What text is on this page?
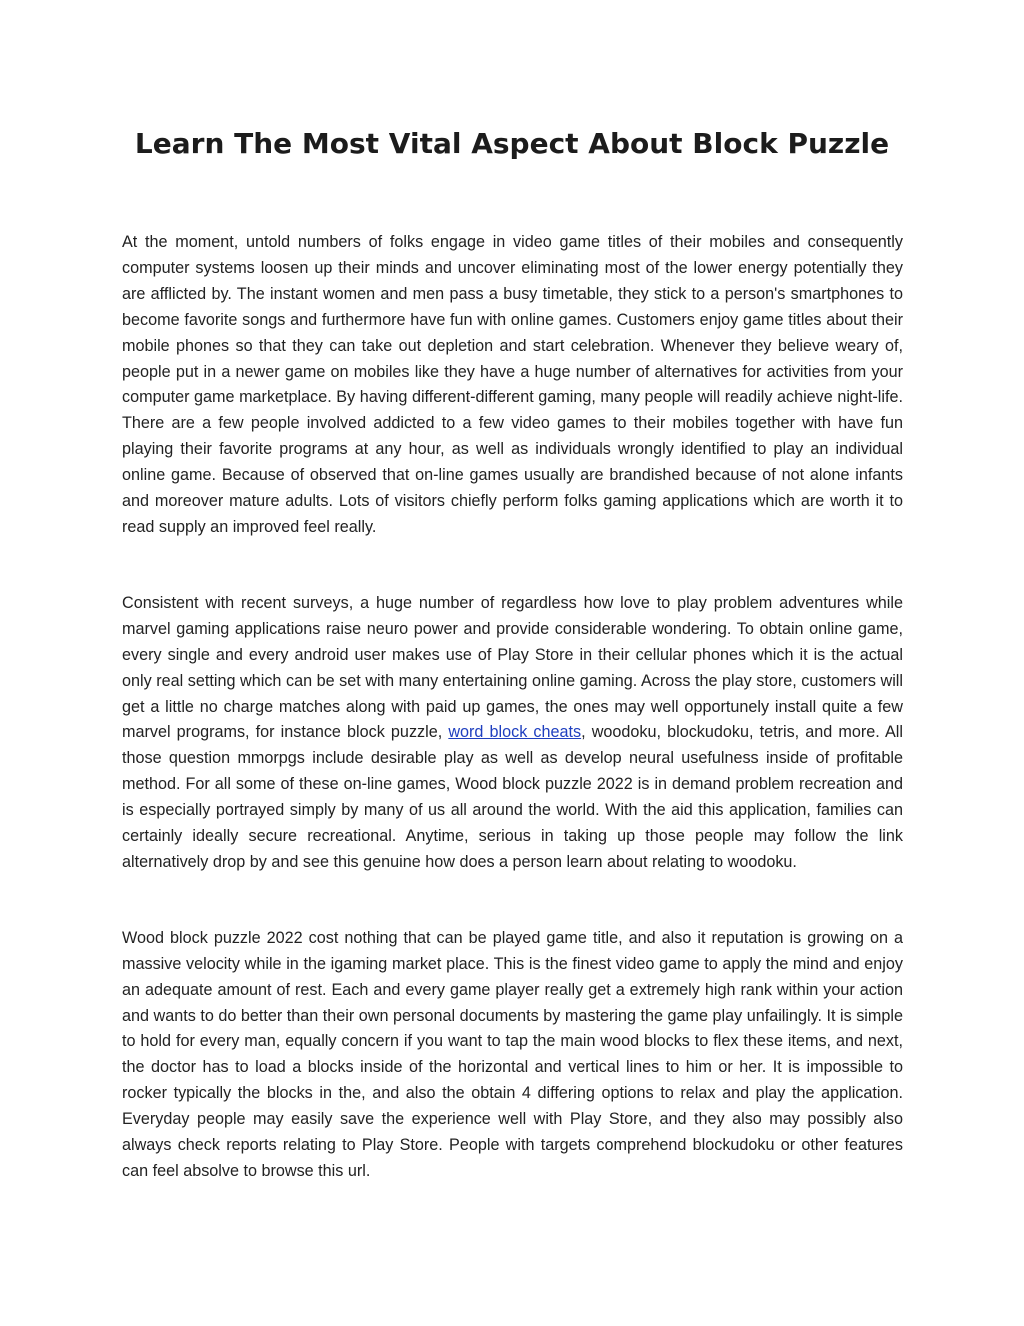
Learn The Most Vital Aspect About Block Puzzle

At the moment, untold numbers of folks engage in video game titles of their mobiles and consequently computer systems loosen up their minds and uncover eliminating most of the lower energy potentially they are afflicted by. The instant women and men pass a busy timetable, they stick to a person's smartphones to become favorite songs and furthermore have fun with online games. Customers enjoy game titles about their mobile phones so that they can take out depletion and start celebration. Whenever they believe weary of, people put in a newer game on mobiles like they have a huge number of alternatives for activities from your computer game marketplace. By having different-different gaming, many people will readily achieve night-life. There are a few people involved addicted to a few video games to their mobiles together with have fun playing their favorite programs at any hour, as well as individuals wrongly identified to play an individual online game. Because of observed that on-line games usually are brandished because of not alone infants and moreover mature adults. Lots of visitors chiefly perform folks gaming applications which are worth it to read supply an improved feel really.

Consistent with recent surveys, a huge number of regardless how love to play problem adventures while marvel gaming applications raise neuro power and provide considerable wondering. To obtain online game, every single and every android user makes use of Play Store in their cellular phones which it is the actual only real setting which can be set with many entertaining online gaming. Across the play store, customers will get a little no charge matches along with paid up games, the ones may well opportunely install quite a few marvel programs, for instance block puzzle, word block cheats, woodoku, blockudoku, tetris, and more. All those question mmorpgs include desirable play as well as develop neural usefulness inside of profitable method. For all some of these on-line games, Wood block puzzle 2022 is in demand problem recreation and is especially portrayed simply by many of us all around the world. With the aid this application, families can certainly ideally secure recreational. Anytime, serious in taking up those people may follow the link alternatively drop by and see this genuine how does a person learn about relating to woodoku.

Wood block puzzle 2022 cost nothing that can be played game title, and also it reputation is growing on a massive velocity while in the igaming market place. This is the finest video game to apply the mind and enjoy an adequate amount of rest. Each and every game player really get a extremely high rank within your action and wants to do better than their own personal documents by mastering the game play unfailingly. It is simple to hold for every man, equally concern if you want to tap the main wood blocks to flex these items, and next, the doctor has to load a blocks inside of the horizontal and vertical lines to him or her. It is impossible to rocker typically the blocks in the, and also the obtain 4 differing options to relax and play the application. Everyday people may easily save the experience well with Play Store, and they also may possibly also always check reports relating to Play Store. People with targets comprehend blockudoku or other features can feel absolve to browse this url.
